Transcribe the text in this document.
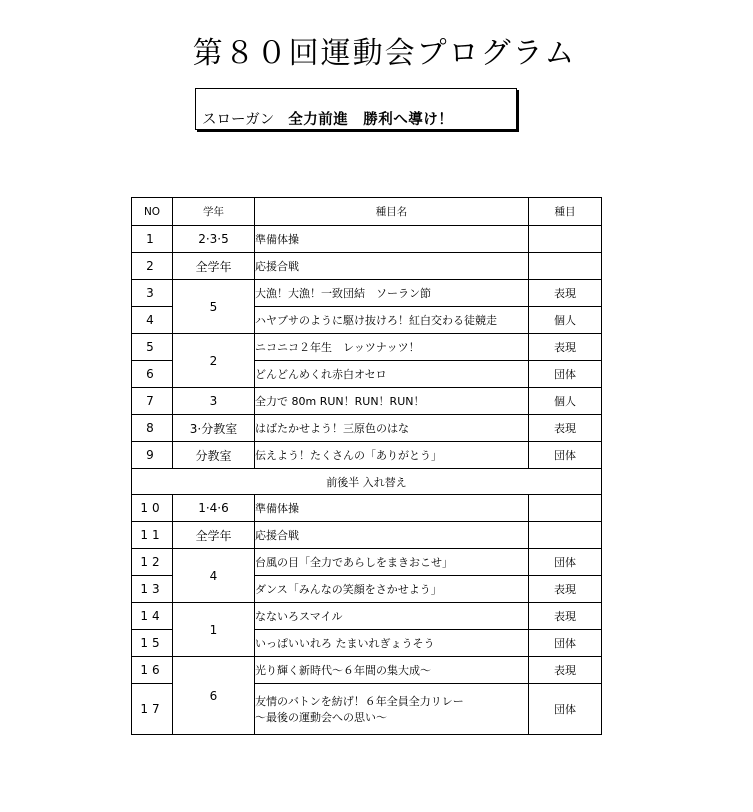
第８０回運動会プログラム
スローガン 全力前進　勝利へ導け！
NO	学年	種目名	種目
1	2·3·5	準備体操	
2	全学年	応援合戦	
3	5	大漁！大漁！一致団結　ソーラン節	表現
4		ハヤブサのように駆け抜けろ！紅白交わる徒競走	個人
5	2	ニコニコ２年生　レッツナッツ！	表現
6		どんどんめくれ赤白オセロ	団体
7	3	全力で 80m RUN！RUN！RUN！	個人
8	3·分教室	はばたかせよう！三原色のはな	表現
9	分教室	伝えよう！たくさんの「ありがとう」	団体
前後半 入れ替え			
10	1·4·6	準備体操	
11	全学年	応援合戦	
12	4	台風の目「全力であらしをまきおこせ」	団体
13		ダンス「みんなの笑顔をさかせよう」	表現
14	1	なないろスマイル	表現
15		いっぱいいれろ たまいれぎょうそう	団体
16	6	光り輝く新時代～６年間の集大成～	表現
17		友情のバトンを紡げ！６年全員全力リレー
～最後の運動会への思い～	団体
